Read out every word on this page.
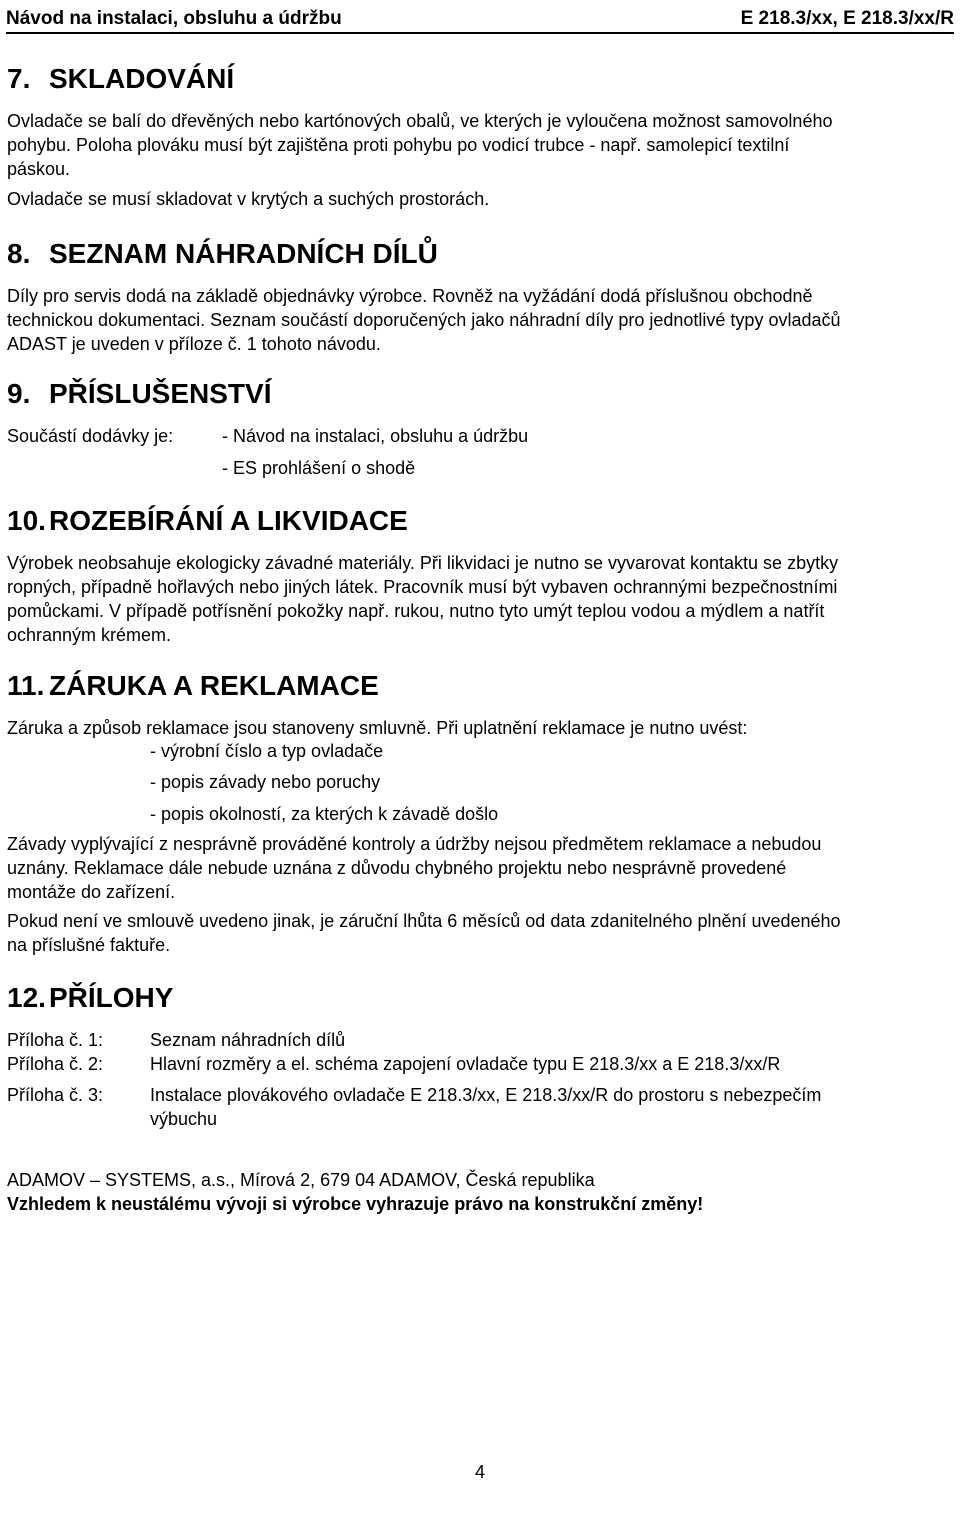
Návod na instalaci, obsluhu a údržbu	E 218.3/xx, E 218.3/xx/R
7. SKLADOVÁNÍ

Ovladače se balí do dřevěných nebo kartónových obalů, ve kterých je vyloučena možnost samovolného

pohybu. Poloha plováku musí být zajištěna proti pohybu po vodicí trubce - např. samolepicí textilní

páskou.

Ovladače se musí skladovat v krytých a suchých prostorách.

8. SEZNAM NÁHRADNÍCH DÍLŮ

Díly pro servis dodá na základě objednávky výrobce. Rovněž na vyžádání dodá příslušnou obchodně

technickou dokumentaci. Seznam součástí doporučených jako náhradní díly pro jednotlivé typy ovladačů

ADAST je uveden v příloze č. 1 tohoto návodu.

9. PŘÍSLUŠENSTVÍ
Součástí dodávky je:	- Návod na instalaci, obsluhu a údržbu
- ES prohlášení o shodě
10. ROZEBÍRÁNÍ A LIKVIDACE

Výrobek neobsahuje ekologicky závadné materiály. Při likvidaci je nutno se vyvarovat kontaktu se zbytky

ropných, případně hořlavých nebo jiných látek. Pracovník musí být vybaven ochrannými bezpečnostními

pomůckami. V případě potřísnění pokožky např. rukou, nutno tyto umýt teplou vodou a mýdlem a natřít

ochranným krémem.

11. ZÁRUKA A REKLAMACE
Záruka a způsob reklamace jsou stanoveny smluvně. Při uplatnění reklamace je nutno uvést:
- výrobní číslo a typ ovladače
- popis závady nebo poruchy
- popis okolností, za kterých k závadě došlo

Závady vyplývající z nesprávně prováděné kontroly a údržby nejsou předmětem reklamace a nebudou

uznány. Reklamace dále nebude uznána z důvodu chybného projektu nebo nesprávně provedené

montáže do zařízení.

Pokud není ve smlouvě uvedeno jinak, je záruční lhůta 6 měsíců od data zdanitelného plnění uvedeného

na příslušné faktuře.

12. PŘÍLOHY
Příloha č. 1:	Seznam náhradních dílů
Příloha č. 2:	Hlavní rozměry a el. schéma zapojení ovladače typu E 218.3/xx a E 218.3/xx/R
Příloha č. 3:	Instalace plovákového ovladače E 218.3/xx, E 218.3/xx/R do prostoru s nebezpečím
výbuchu
ADAMOV – SYSTEMS, a.s., Mírová 2, 679 04 ADAMOV, Česká republika
Vzhledem k neustálému vývoji si výrobce vyhrazuje právo na konstrukční změny!
4
